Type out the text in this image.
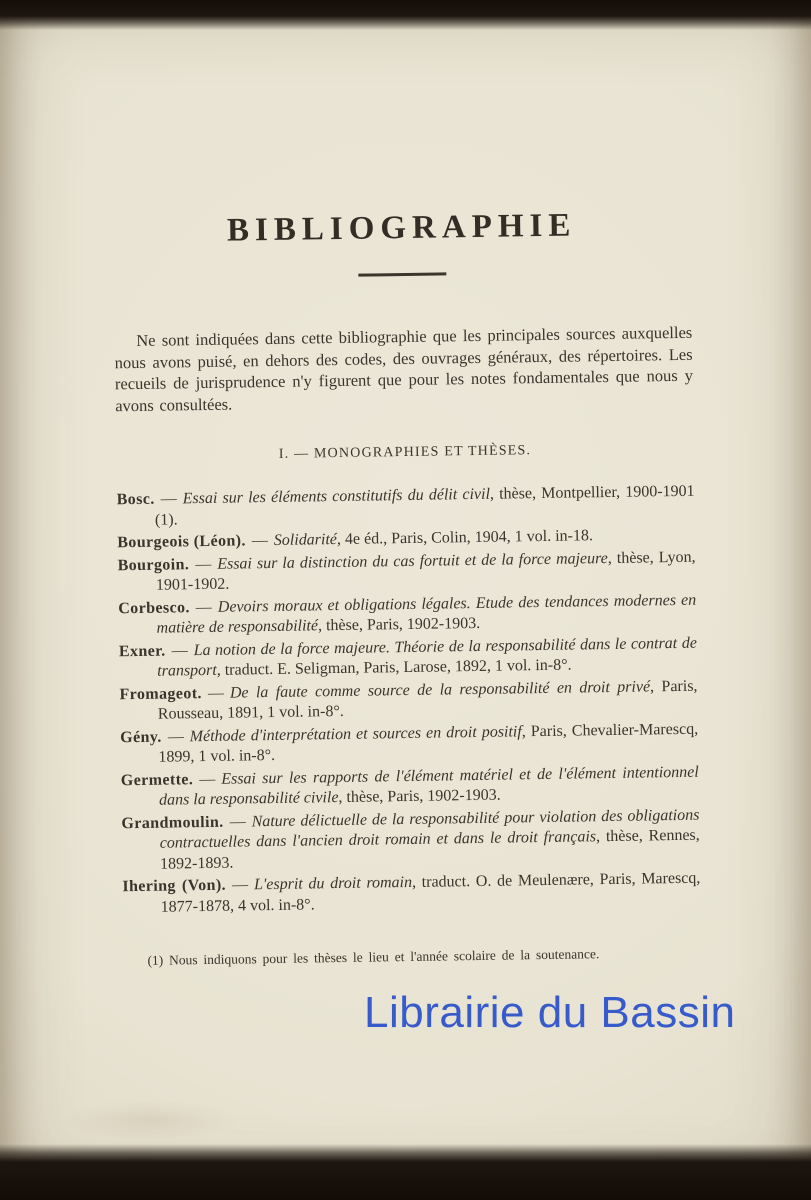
BIBLIOGRAPHIE

Ne sont indiquées dans cette bibliographie que les principales sources auxquelles nous avons puisé, en dehors des codes, des ouvrages généraux, des répertoires. Les recueils de jurisprudence n'y figurent que pour les notes fondamentales que nous y avons consultées.

I. — MONOGRAPHIES ET THÈSES.

Bosc. — Essai sur les éléments constitutifs du délit civil, thèse, Montpellier, 1900-1901 (1).

Bourgeois (Léon). — Solidarité, 4e éd., Paris, Colin, 1904, 1 vol. in-18.

Bourgoin. — Essai sur la distinction du cas fortuit et de la force majeure, thèse, Lyon, 1901-1902.

Corbesco. — Devoirs moraux et obligations légales. Etude des tendances modernes en matière de responsabilité, thèse, Paris, 1902-1903.

Exner. — La notion de la force majeure. Théorie de la responsabilité dans le contrat de transport, traduct. E. Seligman, Paris, Larose, 1892, 1 vol. in-8°.

Fromageot. — De la faute comme source de la responsabilité en droit privé, Paris, Rousseau, 1891, 1 vol. in-8°.

Gény. — Méthode d'interprétation et sources en droit positif, Paris, Chevalier-Marescq, 1899, 1 vol. in-8°.

Germette. — Essai sur les rapports de l'élément matériel et de l'élément intentionnel dans la responsabilité civile, thèse, Paris, 1902-1903.

Grandmoulin. — Nature délictuelle de la responsabilité pour violation des obligations contractuelles dans l'ancien droit romain et dans le droit français, thèse, Rennes, 1892-1893.

Ihering (Von). — L'esprit du droit romain, traduct. O. de Meulenære, Paris, Marescq, 1877-1878, 4 vol. in-8°.

(1) Nous indiquons pour les thèses le lieu et l'année scolaire de la soutenance.

Librairie du Bassin
